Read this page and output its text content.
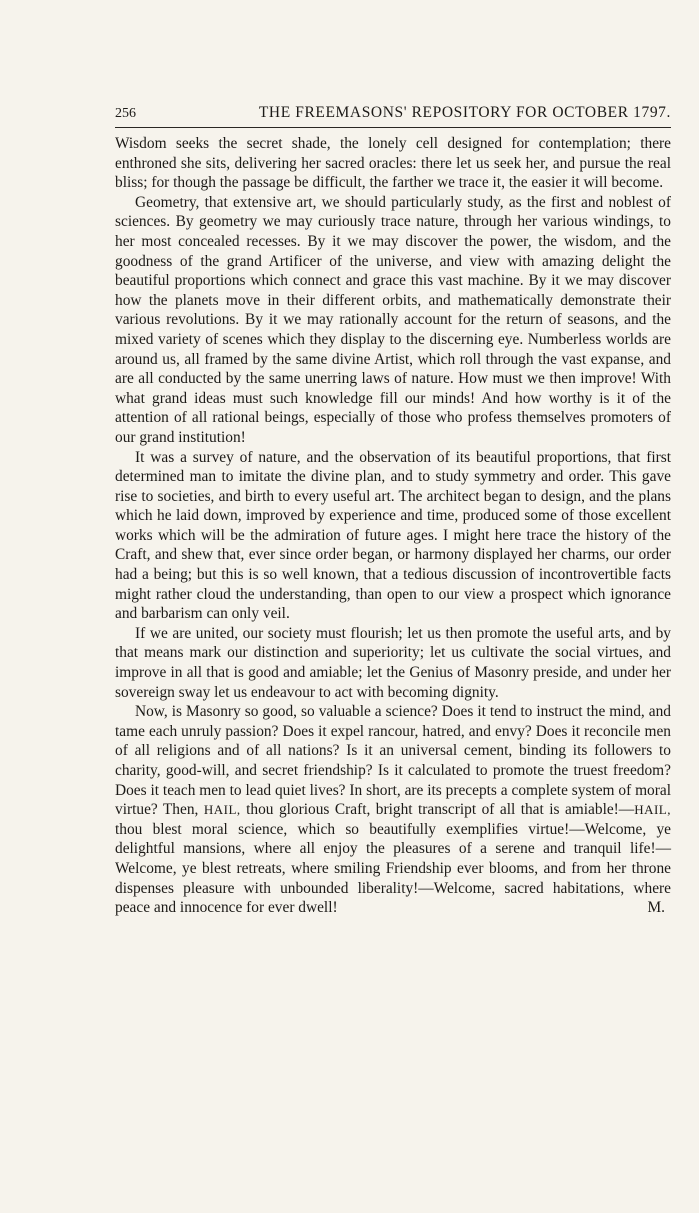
256	THE FREEMASONS' REPOSITORY FOR OCTOBER 1797.

Wisdom seeks the secret shade, the lonely cell designed for contemplation; there enthroned she sits, delivering her sacred oracles: there let us seek her, and pursue the real bliss; for though the passage be difficult, the farther we trace it, the easier it will become.

Geometry, that extensive art, we should particularly study, as the first and noblest of sciences. By geometry we may curiously trace nature, through her various windings, to her most concealed recesses. By it we may discover the power, the wisdom, and the goodness of the grand Artificer of the universe, and view with amazing delight the beautiful proportions which connect and grace this vast machine. By it we may discover how the planets move in their different orbits, and mathematically demonstrate their various revolutions. By it we may rationally account for the return of seasons, and the mixed variety of scenes which they display to the discerning eye. Numberless worlds are around us, all framed by the same divine Artist, which roll through the vast expanse, and are all conducted by the same unerring laws of nature. How must we then improve! With what grand ideas must such knowledge fill our minds! And how worthy is it of the attention of all rational beings, especially of those who profess themselves promoters of our grand institution!

It was a survey of nature, and the observation of its beautiful proportions, that first determined man to imitate the divine plan, and to study symmetry and order. This gave rise to societies, and birth to every useful art. The architect began to design, and the plans which he laid down, improved by experience and time, produced some of those excellent works which will be the admiration of future ages. I might here trace the history of the Craft, and shew that, ever since order began, or harmony displayed her charms, our order had a being; but this is so well known, that a tedious discussion of incontrovertible facts might rather cloud the understanding, than open to our view a prospect which ignorance and barbarism can only veil.

If we are united, our society must flourish; let us then promote the useful arts, and by that means mark our distinction and superiority; let us cultivate the social virtues, and improve in all that is good and amiable; let the Genius of Masonry preside, and under her sovereign sway let us endeavour to act with becoming dignity.

Now, is Masonry so good, so valuable a science? Does it tend to instruct the mind, and tame each unruly passion? Does it expel rancour, hatred, and envy? Does it reconcile men of all religions and of all nations? Is it an universal cement, binding its followers to charity, good-will, and secret friendship? Is it calculated to promote the truest freedom? Does it teach men to lead quiet lives? In short, are its precepts a complete system of moral virtue? Then, HAIL, thou glorious Craft, bright transcript of all that is amiable!—HAIL, thou blest moral science, which so beautifully exemplifies virtue!—Welcome, ye delightful mansions, where all enjoy the pleasures of a serene and tranquil life!—Welcome, ye blest retreats, where smiling Friendship ever blooms, and from her throne dispenses pleasure with unbounded liberality!—Welcome, sacred habitations, where peace and innocence for ever dwell!	M.
